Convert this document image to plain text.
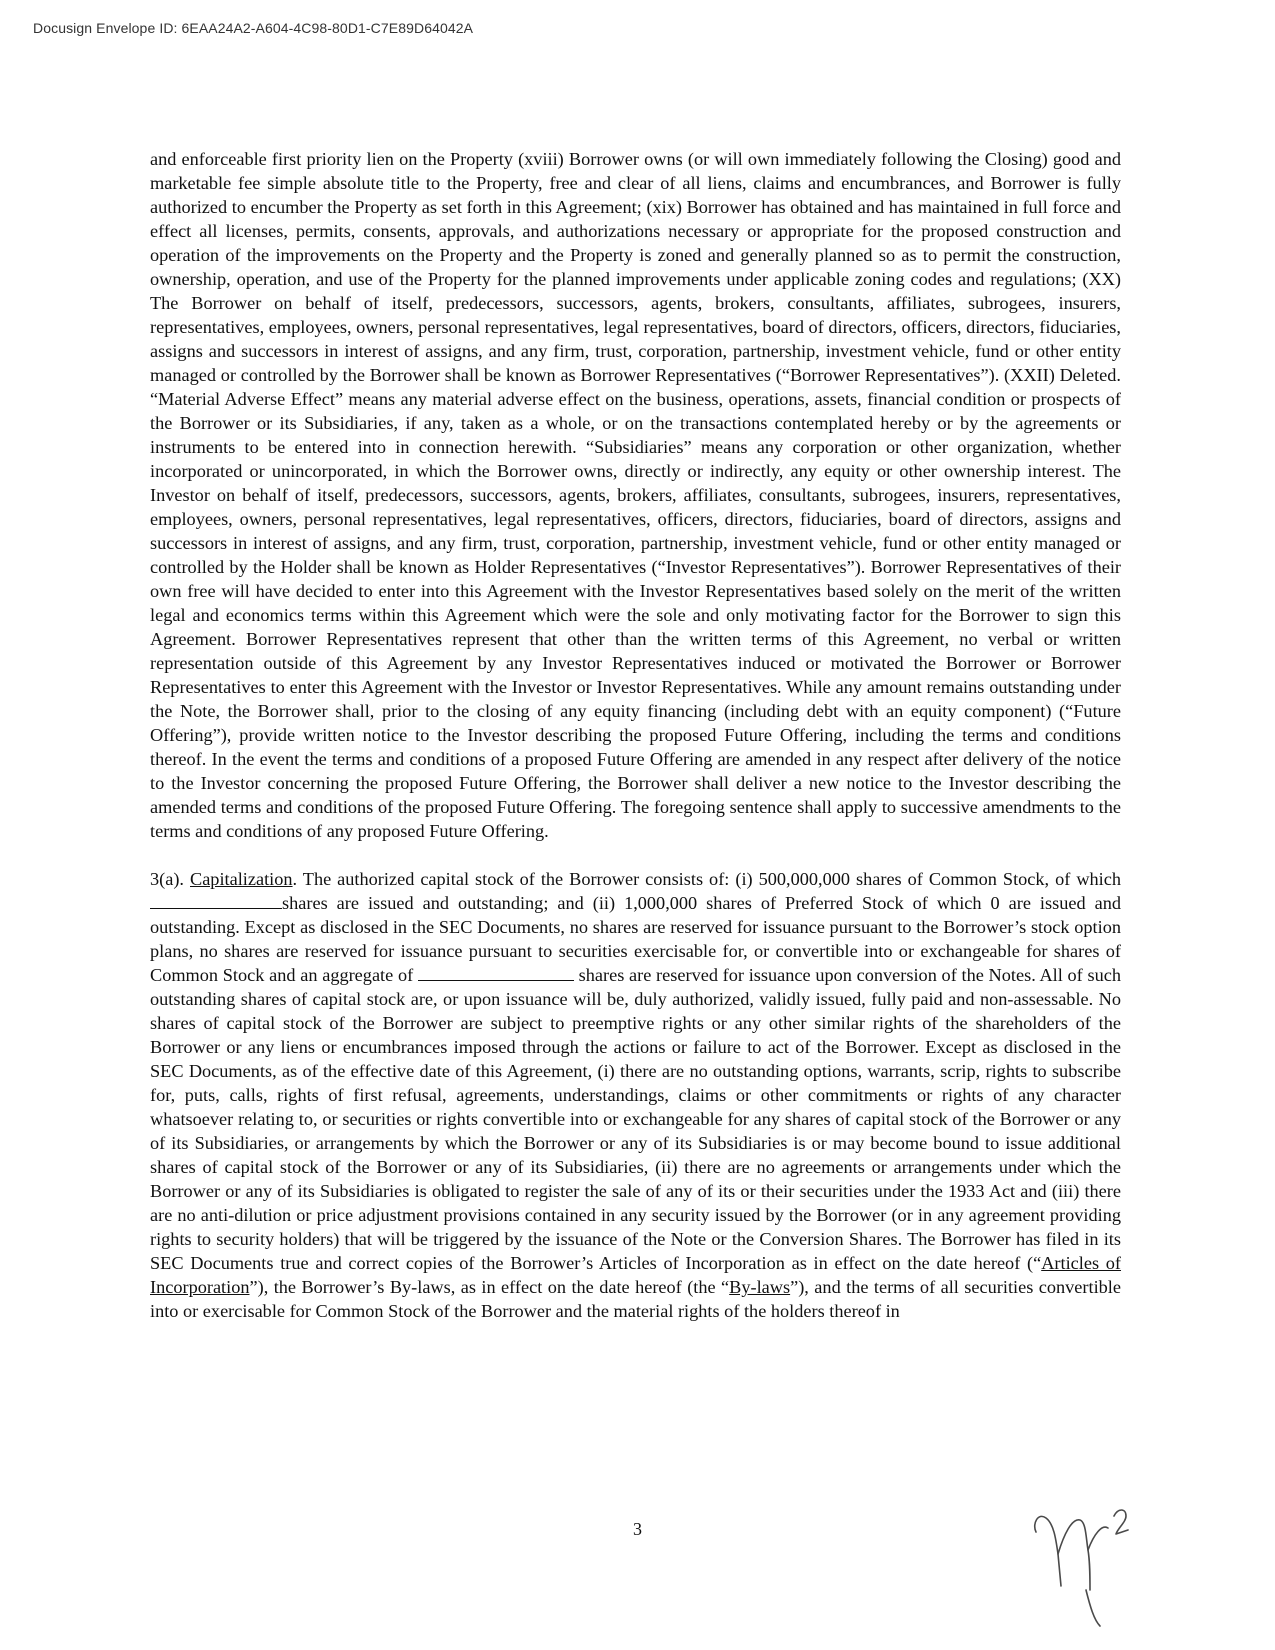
Docusign Envelope ID: 6EAA24A2-A604-4C98-80D1-C7E89D64042A

and enforceable first priority lien on the Property (xviii) Borrower owns (or will own immediately following the Closing) good and marketable fee simple absolute title to the Property, free and clear of all liens, claims and encumbrances, and Borrower is fully authorized to encumber the Property as set forth in this Agreement; (xix) Borrower has obtained and has maintained in full force and effect all licenses, permits, consents, approvals, and authorizations necessary or appropriate for the proposed construction and operation of the improvements on the Property and the Property is zoned and generally planned so as to permit the construction, ownership, operation, and use of the Property for the planned improvements under applicable zoning codes and regulations; (XX) The Borrower on behalf of itself, predecessors, successors, agents, brokers, consultants, affiliates, subrogees, insurers, representatives, employees, owners, personal representatives, legal representatives, board of directors, officers, directors, fiduciaries, assigns and successors in interest of assigns, and any firm, trust, corporation, partnership, investment vehicle, fund or other entity managed or controlled by the Borrower shall be known as Borrower Representatives (“Borrower Representatives”). (XXII) Deleted. “Material Adverse Effect” means any material adverse effect on the business, operations, assets, financial condition or prospects of the Borrower or its Subsidiaries, if any, taken as a whole, or on the transactions contemplated hereby or by the agreements or instruments to be entered into in connection herewith. “Subsidiaries” means any corporation or other organization, whether incorporated or unincorporated, in which the Borrower owns, directly or indirectly, any equity or other ownership interest. The Investor on behalf of itself, predecessors, successors, agents, brokers, affiliates, consultants, subrogees, insurers, representatives, employees, owners, personal representatives, legal representatives, officers, directors, fiduciaries, board of directors, assigns and successors in interest of assigns, and any firm, trust, corporation, partnership, investment vehicle, fund or other entity managed or controlled by the Holder shall be known as Holder Representatives (“Investor Representatives”). Borrower Representatives of their own free will have decided to enter into this Agreement with the Investor Representatives based solely on the merit of the written legal and economics terms within this Agreement which were the sole and only motivating factor for the Borrower to sign this Agreement. Borrower Representatives represent that other than the written terms of this Agreement, no verbal or written representation outside of this Agreement by any Investor Representatives induced or motivated the Borrower or Borrower Representatives to enter this Agreement with the Investor or Investor Representatives. While any amount remains outstanding under the Note, the Borrower shall, prior to the closing of any equity financing (including debt with an equity component) (“Future Offering”), provide written notice to the Investor describing the proposed Future Offering, including the terms and conditions thereof. In the event the terms and conditions of a proposed Future Offering are amended in any respect after delivery of the notice to the Investor concerning the proposed Future Offering, the Borrower shall deliver a new notice to the Investor describing the amended terms and conditions of the proposed Future Offering. The foregoing sentence shall apply to successive amendments to the terms and conditions of any proposed Future Offering.

3(a). Capitalization. The authorized capital stock of the Borrower consists of: (i) 500,000,000 shares of Common Stock, of which shares are issued and outstanding; and (ii) 1,000,000 shares of Preferred Stock of which 0 are issued and outstanding. Except as disclosed in the SEC Documents, no shares are reserved for issuance pursuant to the Borrower’s stock option plans, no shares are reserved for issuance pursuant to securities exercisable for, or convertible into or exchangeable for shares of Common Stock and an aggregate of	shares are reserved for issuance upon conversion of the Notes. All of such outstanding shares of capital stock are, or upon issuance will be, duly authorized, validly issued, fully paid and non-assessable. No shares of capital stock of the Borrower are subject to preemptive rights or any other similar rights of the shareholders of the Borrower or any liens or encumbrances imposed through the actions or failure to act of the Borrower. Except as disclosed in the SEC Documents, as of the effective date of this Agreement, (i) there are no outstanding options, warrants, scrip, rights to subscribe for, puts, calls, rights of first refusal, agreements, understandings, claims or other commitments or rights of any character whatsoever relating to, or securities or rights convertible into or exchangeable for any shares of capital stock of the Borrower or any of its Subsidiaries, or arrangements by which the Borrower or any of its Subsidiaries is or may become bound to issue additional shares of capital stock of the Borrower or any of its Subsidiaries, (ii) there are no agreements or arrangements under which the Borrower or any of its Subsidiaries is obligated to register the sale of any of its or their securities under the 1933 Act and (iii) there are no anti-dilution or price adjustment provisions contained in any security issued by the Borrower (or in any agreement providing rights to security holders) that will be triggered by the issuance of the Note or the Conversion Shares. The Borrower has filed in its SEC Documents true and correct copies of the Borrower’s Articles of Incorporation as in effect on the date hereof (“Articles of Incorporation”), the Borrower’s By-laws, as in effect on the date hereof (the “By-laws”), and the terms of all securities convertible into or exercisable for Common Stock of the Borrower and the material rights of the holders thereof in

3
